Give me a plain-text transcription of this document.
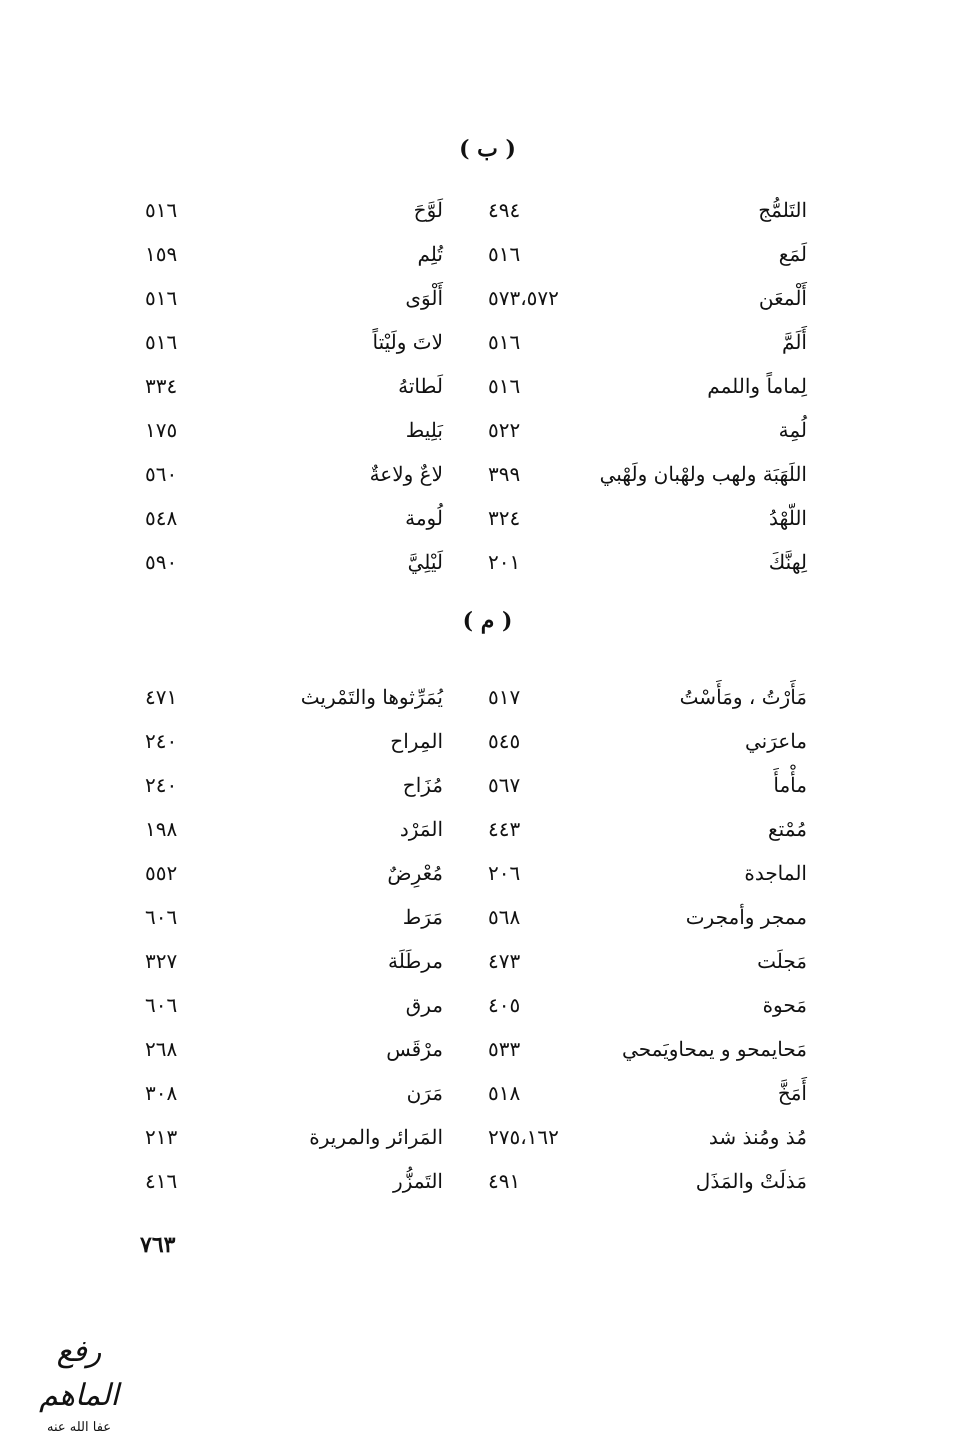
( ب )
التَلمُّج
٤٩٤
لَوَّحَ
٥١٦
لَمَع
٥١٦
تُلِم
١٥٩
أَلْمعَن
٥٧٣،٥٧٢
أَلْوَى
٥١٦
أَلَمَّ
٥١٦
لاتَ ولَيْتاً
٥١٦
لِماماً واللمم
٥١٦
لَطاتهُ
٣٣٤
لُمِة
٥٢٢
بَلِيط
١٧٥
اللَهَبَة ولهب ولهْبان ولَهْبي
٣٩٩
لاعٌ ولاعةٌ
٥٦٠
اللّهْدُ
٣٢٤
لُومة
٥٤٨
لِهنَّكَ
٢٠١
لَيْلِيَّ
٥٩٠
( م )
مَأَرْتُ ، ومَأَسْتُ
٥١٧
يُمَرِّثوها والتَمْريث
٤٧١
ماعرَني
٥٤٥
المِراح
٢٤٠
مأْمأَ
٥٦٧
مُزَاح
٢٤٠
مُمْتع
٤٤٣
المَرْد
١٩٨
الماجدة
٢٠٦
مُعْرِضٌ
٥٥٢
ممجر وأمجرت
٥٦٨
مَرَط
٦٠٦
مَجلَت
٤٧٣
مرطَلَة
٣٢٧
مَحوة
٤٠٥
مرق
٦٠٦
مَحايمحو و يمحاويَمحي
٥٣٣
مرْقَس
٢٦٨
أَمَخَّ
٥١٨
مَرَن
٣٠٨
مُذ ومُنذ شد
٢٧٥،١٦٢
المَرائر والمريرة
٢١٣
مَذلَتْ والمَذَل
٤٩١
التَمزُّر
٤١٦
٧٦٣
رفع الماهم
عفا الله عنه
